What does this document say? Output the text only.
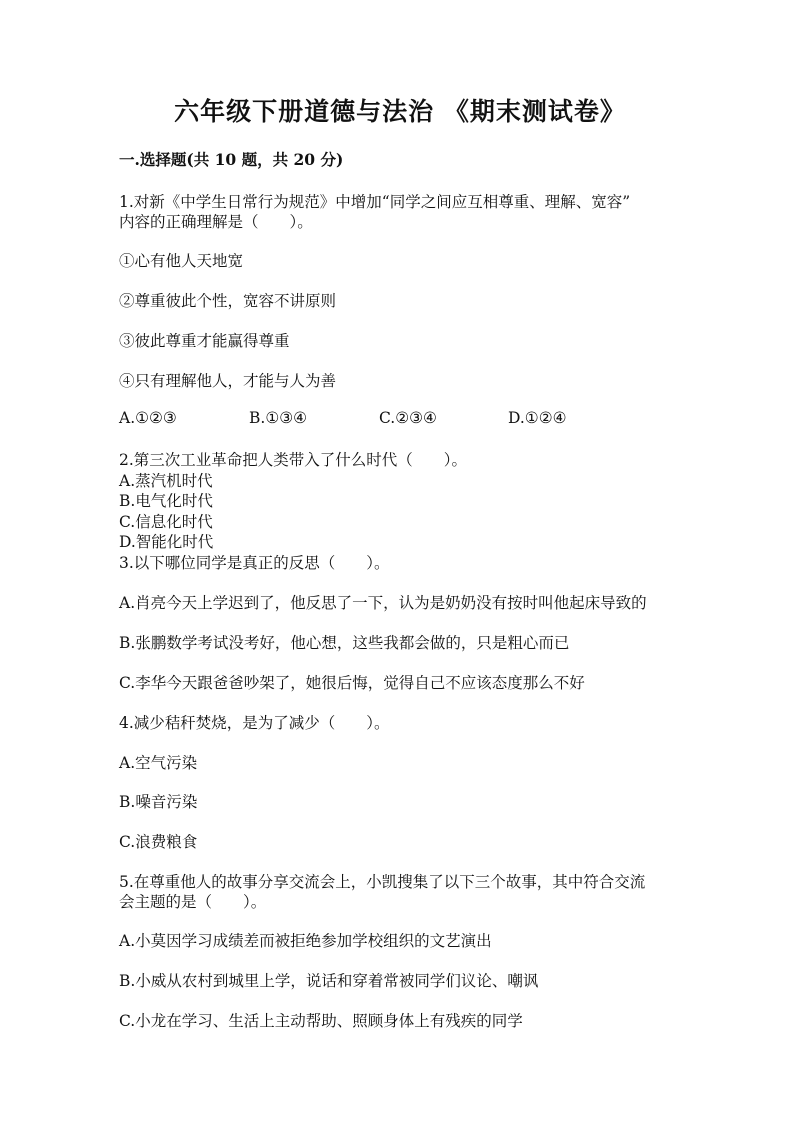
六年级下册道德与法治 《期末测试卷》
一.选择题(共 10 题，共 20 分)
1.对新《中学生日常行为规范》中增加“同学之间应互相尊重、理解、宽容”
内容的正确理解是（　　）。
①心有他人天地宽
②尊重彼此个性，宽容不讲原则
③彼此尊重才能赢得尊重
④只有理解他人，才能与人为善
A.①②③	B.①③④	C.②③④	D.①②④
2.第三次工业革命把人类带入了什么时代（　　）。
A.蒸汽机时代
B.电气化时代
C.信息化时代
D.智能化时代
3.以下哪位同学是真正的反思（　　）。
A.肖亮今天上学迟到了，他反思了一下，认为是奶奶没有按时叫他起床导致的
B.张鹏数学考试没考好，他心想，这些我都会做的，只是粗心而已
C.李华今天跟爸爸吵架了，她很后悔，觉得自己不应该态度那么不好
4.减少秸秆焚烧，是为了减少（　　）。
A.空气污染
B.噪音污染
C.浪费粮食
5.在尊重他人的故事分享交流会上，小凯搜集了以下三个故事，其中符合交流
会主题的是（　　）。
A.小莫因学习成绩差而被拒绝参加学校组织的文艺演出
B.小威从农村到城里上学，说话和穿着常被同学们议论、嘲讽
C.小龙在学习、生活上主动帮助、照顾身体上有残疾的同学
